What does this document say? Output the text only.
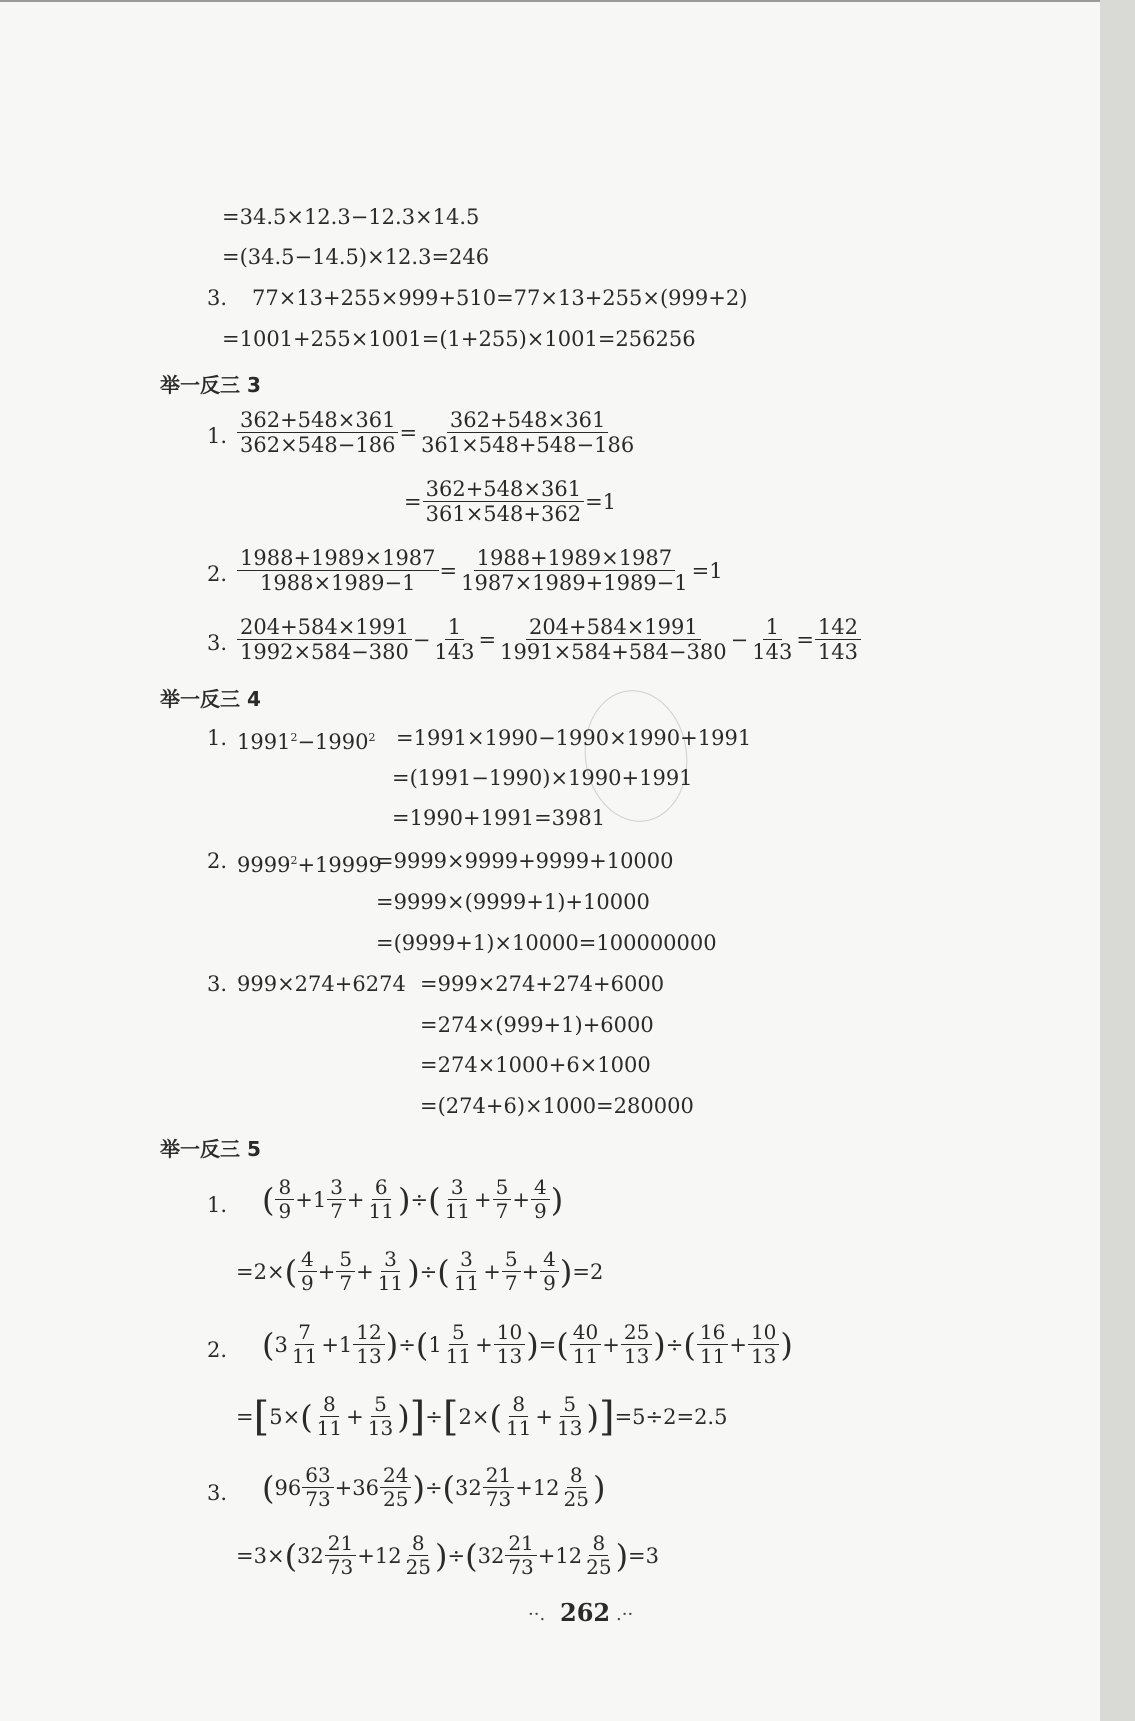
=34.5×12.3−12.3×14.5
=(34.5−14.5)×12.3=246
3. 77×13+255×999+510=77×13+255×(999+2)
=1001+255×1001=(1+255)×1001=256256
举一反三 3
1. $\frac{362+548\times 361}{362\times 548-186} = \frac{362+548\times 361}{361\times 548+548-186}$
= $\frac{362+548\times 361}{361\times 548+362} =1$
2. $\frac{1988+1989\times 1987}{1988\times 1989-1} = \frac{1988+1989\times 1987}{1987\times 1989+1989-1} =1$
3. $\frac{204+584\times 1991}{1992\times 584-380} - \frac{1}{143} = \frac{204+584\times 1991}{1991\times 584+584-380} - \frac{1}{143} = \frac{142}{143}$
举一反三 4
1. $1991^2-1990^2 =1991\times 1990-1990\times 1990+1991$
=(1991−1990)×1990+1991
=1990+1991=3981
2. $9999^2+19999$
=9999×9999+9999+10000
=9999×(9999+1)+10000
=(9999+1)×10000=100000000
3. 999×274+6274 =999×274+274+6000
=274×(999+1)+6000
=274×1000+6×1000
=(274+6)×1000=280000
举一反三 5
1. ( $\frac{8}{9} +1 \frac{3}{7} + \frac{6}{11}$ ) ÷ ( $\frac{3}{11} + \frac{5}{7} + \frac{4}{9}$ )
=2× ( $\frac{4}{9} + \frac{5}{7} + \frac{3}{11}$ ) ÷ ( $\frac{3}{11} + \frac{5}{7} + \frac{4}{9}$ ) =2
2. ( $3 \frac{7}{11} +1 \frac{12}{13}$ ) ÷ ( $1 \frac{5}{11} + \frac{10}{13}$ ) = ( $\frac{40}{11} + \frac{25}{13}$ ) ÷ ( $\frac{16}{11} + \frac{10}{13}$ )
= [ 5× ( $\frac{8}{11} + \frac{5}{13}$ ) ] ÷ [ 2× ( $\frac{8}{11} + \frac{5}{13}$ ) ] =5÷2=2.5
3. ( $96 \frac{63}{73} +36 \frac{24}{25}$ ) ÷ ( $32 \frac{21}{73} +12 \frac{8}{25}$ )
=3× ( $32 \frac{21}{73} +12 \frac{8}{25}$ ) ÷ ( $32 \frac{21}{73} +12 \frac{8}{25}$ ) =3
··. 262 .··
